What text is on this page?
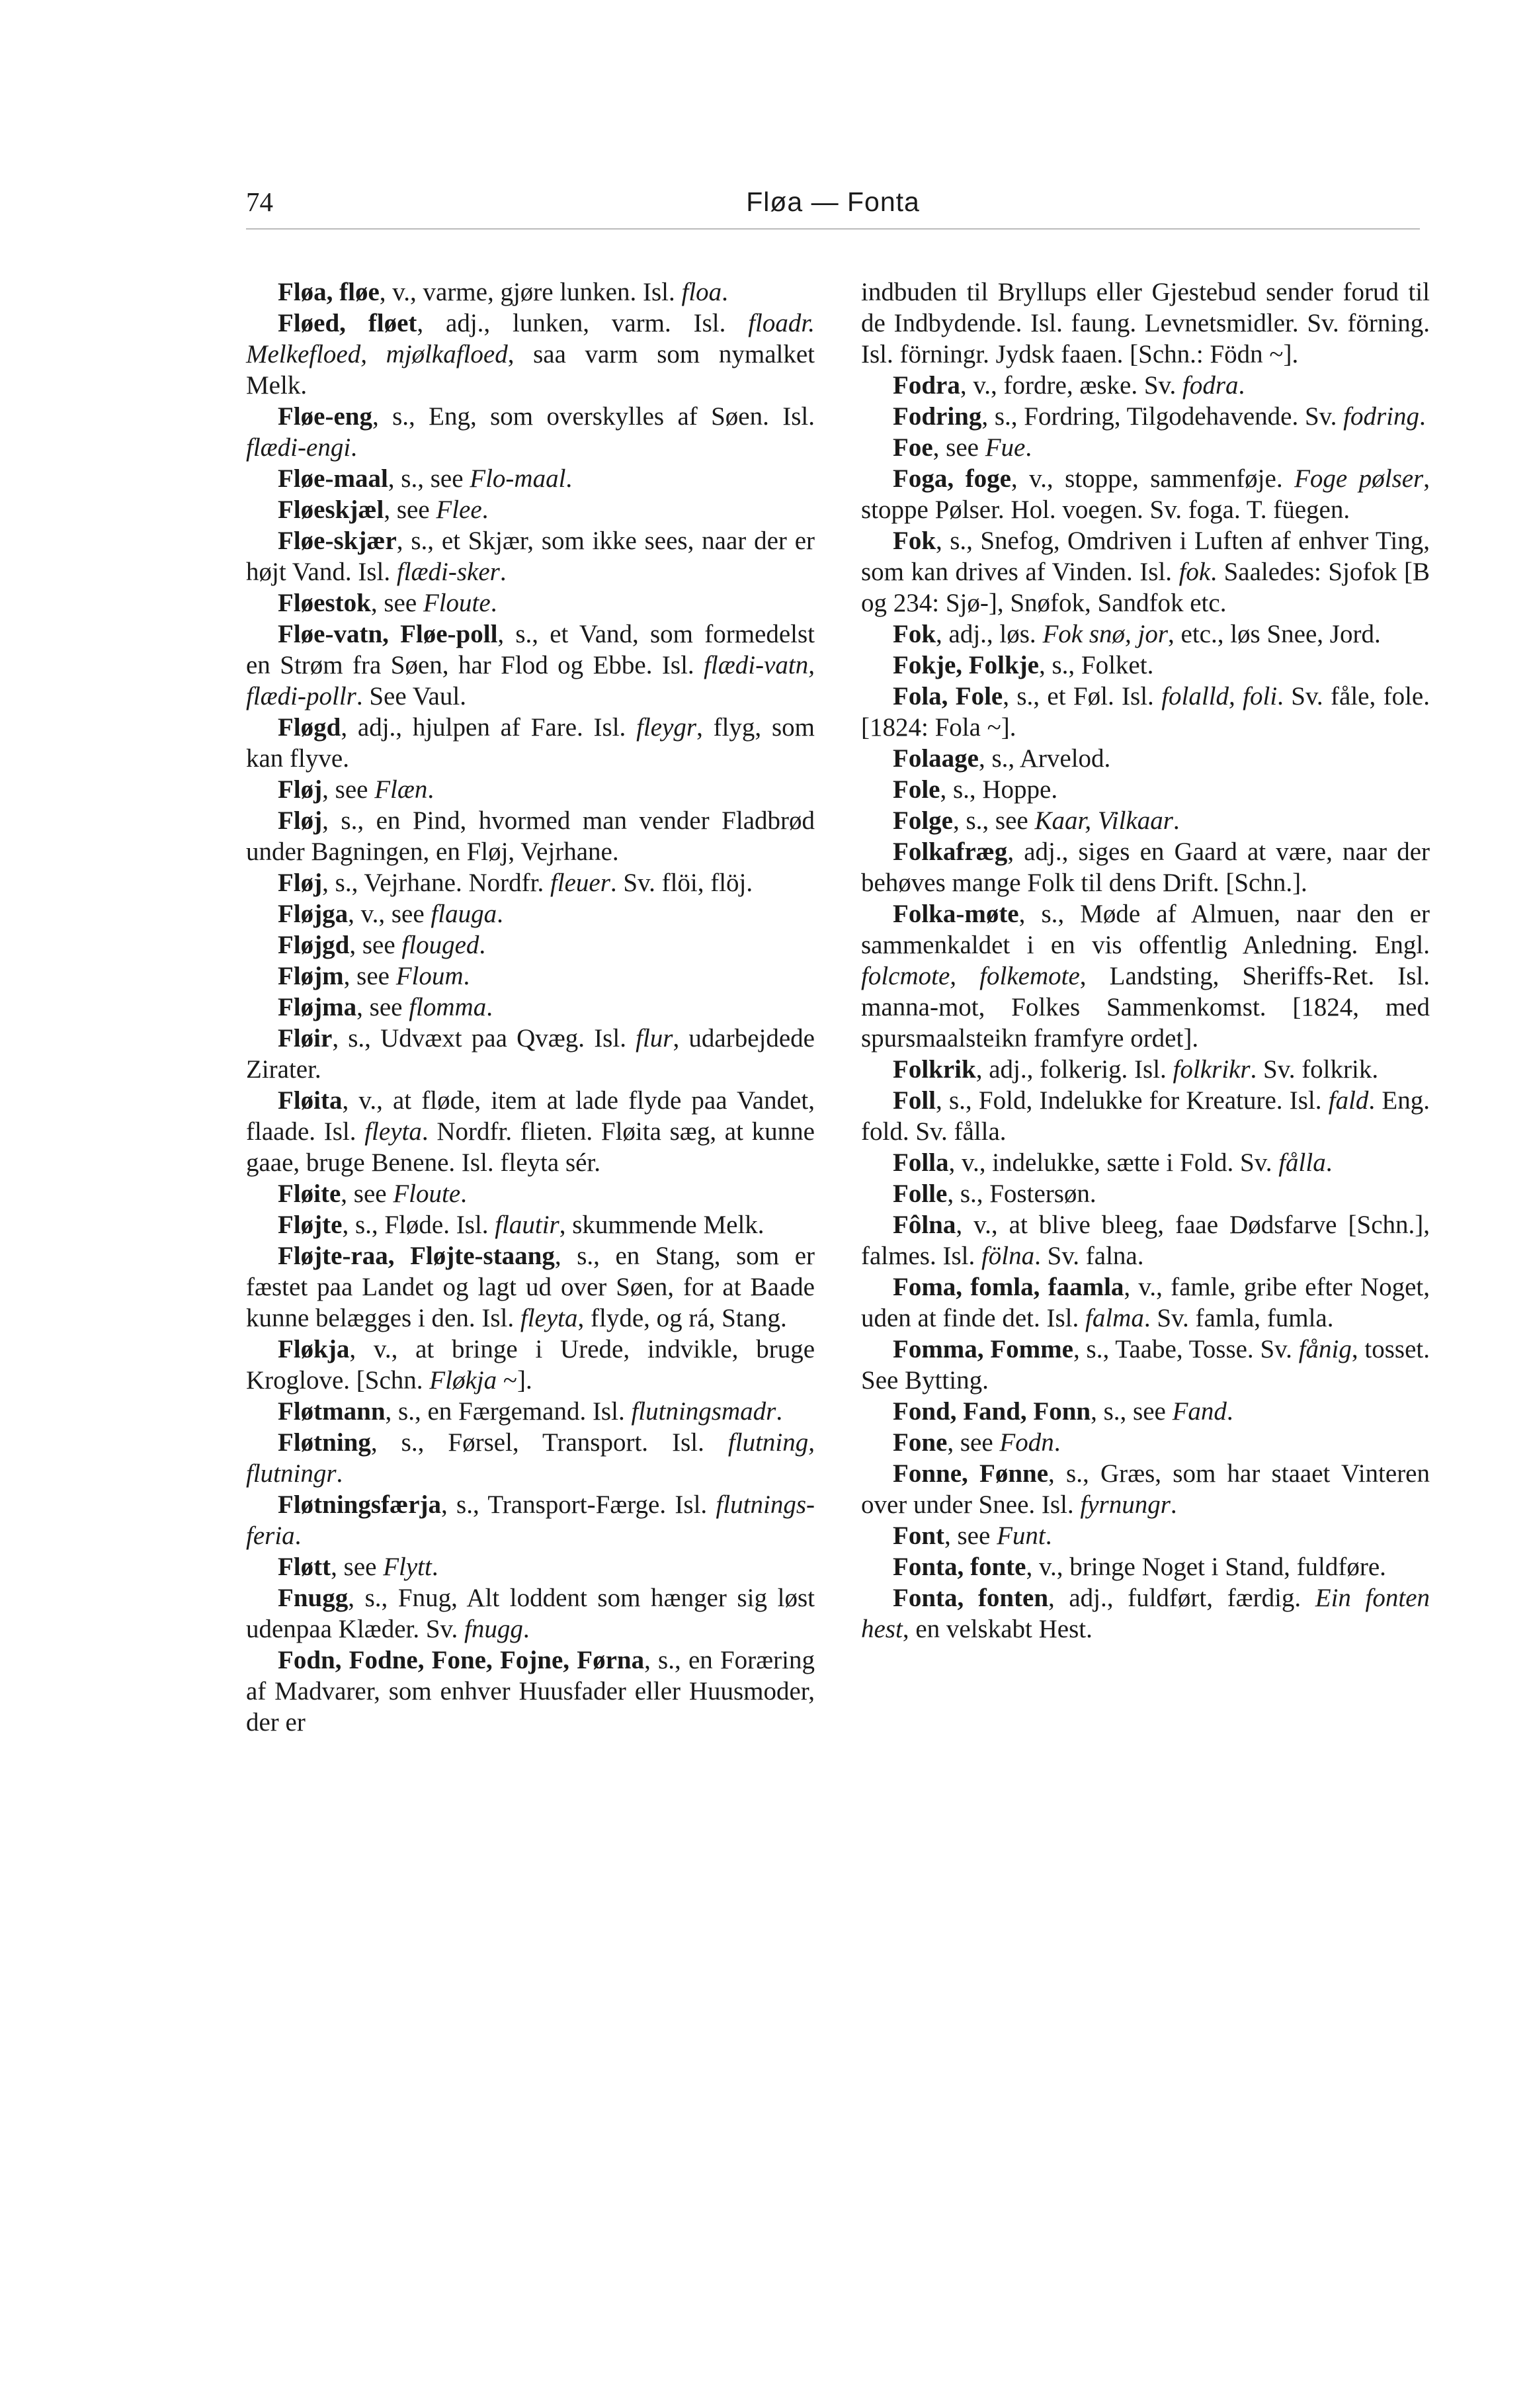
74	Fløa — Fonta

Fløa, fløe, v., varme, gjøre lunken. Isl. floa.

Fløed, fløet, adj., lunken, varm. Isl. floadr. Melkefloed, mjølkafloed, saa varm som nymalket Melk.

Fløe-eng, s., Eng, som overskylles af Søen. Isl. flædi-engi.

Fløe-maal, s., see Flo-maal.

Fløeskjæl, see Flee.

Fløe-skjær, s., et Skjær, som ikke sees, naar der er højt Vand. Isl. flædi-sker.

Fløestok, see Floute.

Fløe-vatn, Fløe-poll, s., et Vand, som formedelst en Strøm fra Søen, har Flod og Ebbe. Isl. flædi-vatn, flædi-pollr. See Vaul.

Fløgd, adj., hjulpen af Fare. Isl. fleygr, flyg, som kan flyve.

Fløj, see Flæn.

Fløj, s., en Pind, hvormed man vender Fladbrød under Bagningen, en Fløj, Vejrhane.

Fløj, s., Vejrhane. Nordfr. fleuer. Sv. flöi, flöj.

Fløjga, v., see flauga.

Fløjgd, see flouged.

Fløjm, see Floum.

Fløjma, see flomma.

Fløir, s., Udvæxt paa Qvæg. Isl. flur, udarbejdede Zirater.

Fløita, v., at fløde, item at lade flyde paa Vandet, flaade. Isl. fleyta. Nordfr. flieten. Fløita sæg, at kunne gaae, bruge Benene. Isl. fleyta sér.

Fløite, see Floute.

Fløjte, s., Fløde. Isl. flautir, skummende Melk.

Fløjte-raa, Fløjte-staang, s., en Stang, som er fæstet paa Landet og lagt ud over Søen, for at Baade kunne belægges i den. Isl. fleyta, flyde, og rá, Stang.

Fløkja, v., at bringe i Urede, indvikle, bruge Kroglove. [Schn. Fløkja ~].

Fløtmann, s., en Færgemand. Isl. flutningsmadr.

Fløtning, s., Førsel, Transport. Isl. flutning, flutningr.

Fløtningsfærja, s., Transport-Færge. Isl. flutnings-feria.

Fløtt, see Flytt.

Fnugg, s., Fnug, Alt loddent som hænger sig løst udenpaa Klæder. Sv. fnugg.

Fodn, Fodne, Fone, Fojne, Førna, s., en Foræring af Madvarer, som enhver Huusfader eller Huusmoder, der er

indbuden til Bryllups eller Gjestebud sender forud til de Indbydende. Isl. faung. Levnetsmidler. Sv. förning. Isl. förningr. Jydsk faaen. [Schn.: Födn ~].

Fodra, v., fordre, æske. Sv. fodra.

Fodring, s., Fordring, Tilgodehavende. Sv. fodring.

Foe, see Fue.

Foga, foge, v., stoppe, sammenføje. Foge pølser, stoppe Pølser. Hol. voegen. Sv. foga. T. füegen.

Fok, s., Snefog, Omdriven i Luften af enhver Ting, som kan drives af Vinden. Isl. fok. Saaledes: Sjofok [B og 234: Sjø-], Snøfok, Sandfok etc.

Fok, adj., løs. Fok snø, jor, etc., løs Snee, Jord.

Fokje, Folkje, s., Folket.

Fola, Fole, s., et Føl. Isl. folalld, foli. Sv. fåle, fole. [1824: Fola ~].

Folaage, s., Arvelod.

Fole, s., Hoppe.

Folge, s., see Kaar, Vilkaar.

Folkafræg, adj., siges en Gaard at være, naar der behøves mange Folk til dens Drift. [Schn.].

Folka-møte, s., Møde af Almuen, naar den er sammenkaldet i en vis offentlig Anledning. Engl. folcmote, folkemote, Landsting, Sheriffs-Ret. Isl. manna-mot, Folkes Sammenkomst. [1824, med spursmaalsteikn framfyre ordet].

Folkrik, adj., folkerig. Isl. folkrikr. Sv. folkrik.

Foll, s., Fold, Indelukke for Kreature. Isl. fald. Eng. fold. Sv. fålla.

Folla, v., indelukke, sætte i Fold. Sv. fålla.

Folle, s., Fostersøn.

Fôlna, v., at blive bleeg, faae Dødsfarve [Schn.], falmes. Isl. fölna. Sv. falna.

Foma, fomla, faamla, v., famle, gribe efter Noget, uden at finde det. Isl. falma. Sv. famla, fumla.

Fomma, Fomme, s., Taabe, Tosse. Sv. fånig, tosset. See Bytting.

Fond, Fand, Fonn, s., see Fand.

Fone, see Fodn.

Fonne, Fønne, s., Græs, som har staaet Vinteren over under Snee. Isl. fyrnungr.

Font, see Funt.

Fonta, fonte, v., bringe Noget i Stand, fuldføre.

Fonta, fonten, adj., fuldført, færdig. Ein fonten hest, en velskabt Hest.
